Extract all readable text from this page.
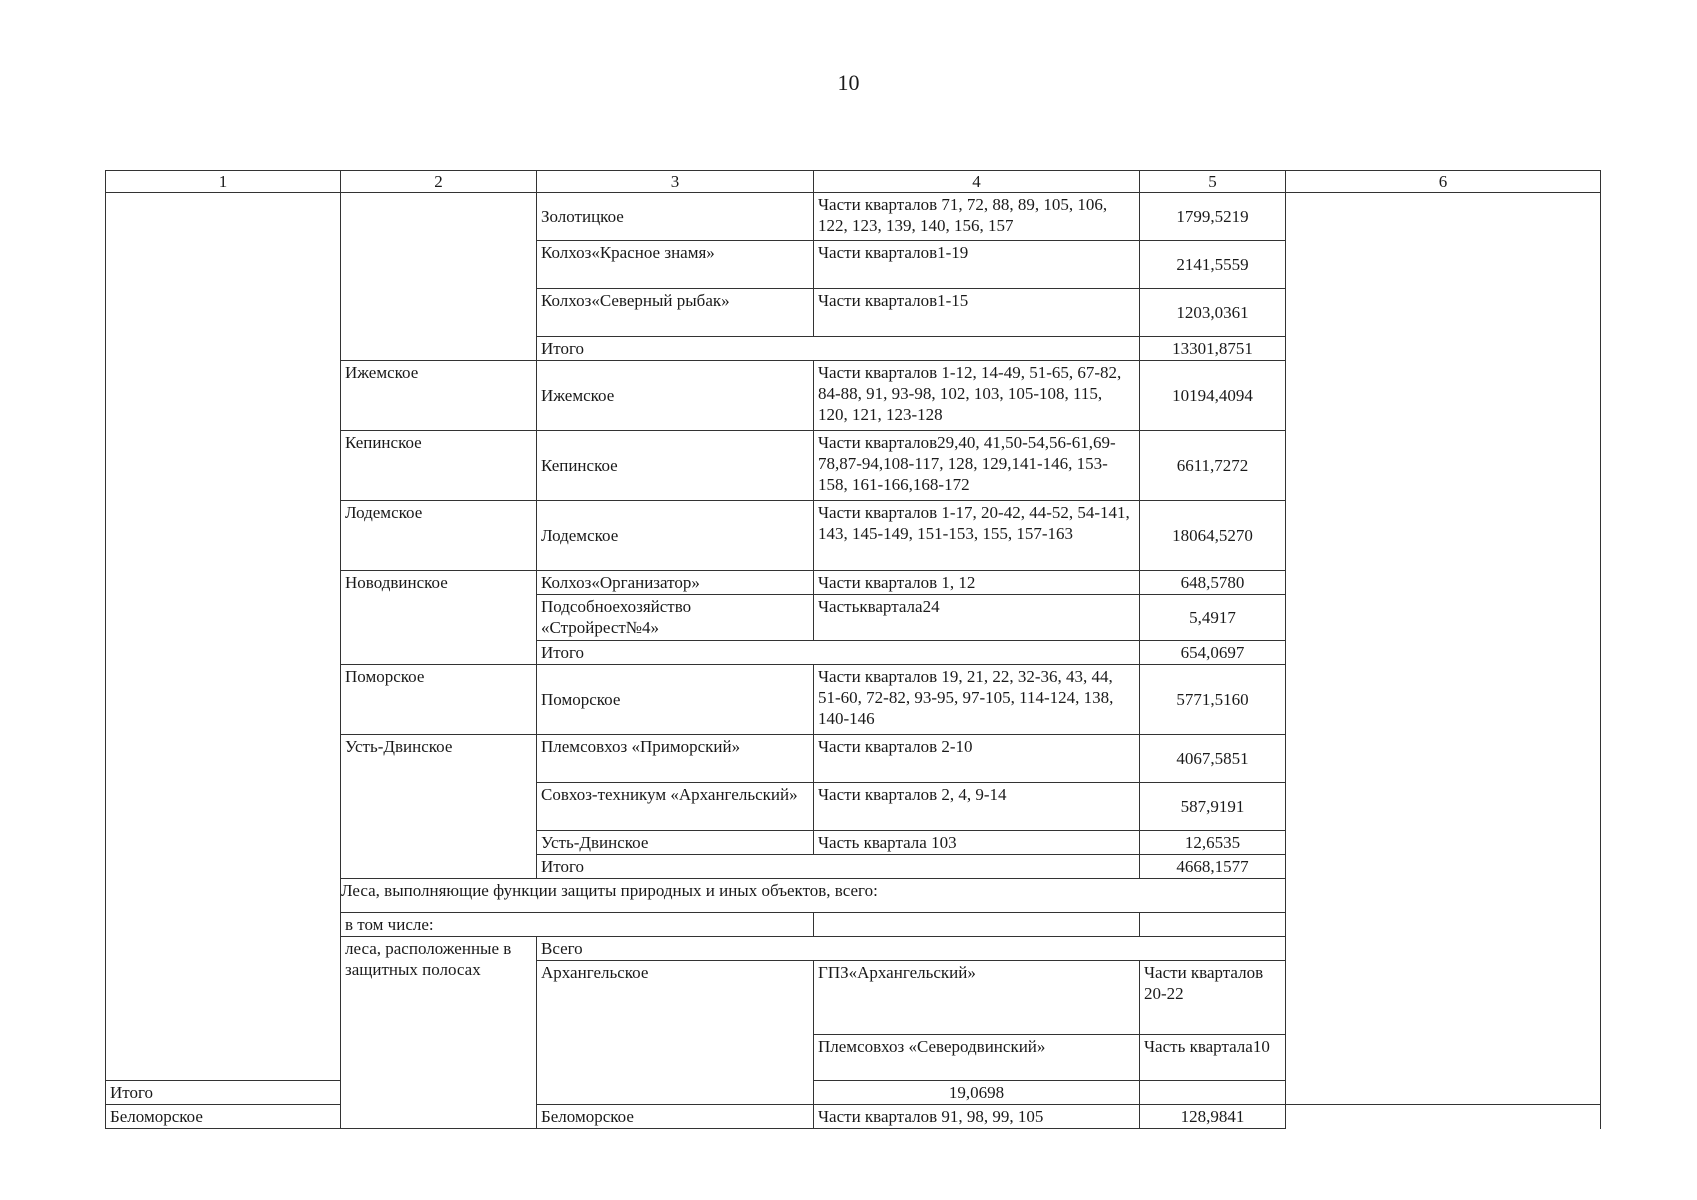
10
1	2	3	4	5	6	
		Золотицкое	Части кварталов 71, 72, 88, 89, 105, 106, 122, 123, 139, 140, 156, 157	1799,5219		
		Колхоз«Красное знамя»	Части кварталов1-19	2141,5559		
		Колхоз«Северный рыбак»	Части кварталов1-15	1203,0361		
		Итого		13301,8751		
	Ижемское	Ижемское	Части кварталов 1-12, 14-49, 51-65, 67-82, 84-88, 91, 93-98, 102, 103, 105-108, 115, 120, 121, 123-128	10194,4094		
	Кепинское	Кепинское	Части кварталов29,40, 41,50-54,56-61,69-78,87-94,108-117, 128, 129,141-146, 153-158, 161-166,168-172	6611,7272		
	Лодемское	Лодемское	Части кварталов 1-17, 20-42, 44-52, 54-141, 143, 145-149, 151-153, 155, 157-163	18064,5270		
	Новодвинское	Колхоз«Организатор»	Части кварталов 1, 12	648,5780		
		Подсобноехозяйство «Стройрест№4»	Частьквартала24	5,4917		
		Итого		654,0697		
	Поморское	Поморское	Части кварталов 19, 21, 22, 32-36, 43, 44, 51-60, 72-82, 93-95, 97-105, 114-124, 138, 140-146	5771,5160		
	Усть-Двинское	Племсовхоз «Приморский»	Части кварталов 2-10	4067,5851		
		Совхоз-техникум «Архангельский»	Части кварталов 2, 4, 9-14	587,9191		
		Усть-Двинское	Часть квартала 103	12,6535		
		Итого		4668,1577		
	Леса, выполняющие функции защиты природных и иных объектов, всего:	
	в том числе:					
	леса, расположенные в защитных полосах	Всего		
		Архангельское	ГПЗ«Архангельский»	Части кварталов 20-22	
			Племсовхоз «Северодвинский»	Часть квартала10	
Итого			19,0698			
Беломорское		Беломорское	Части кварталов 91, 98, 99, 105	128,9841		
